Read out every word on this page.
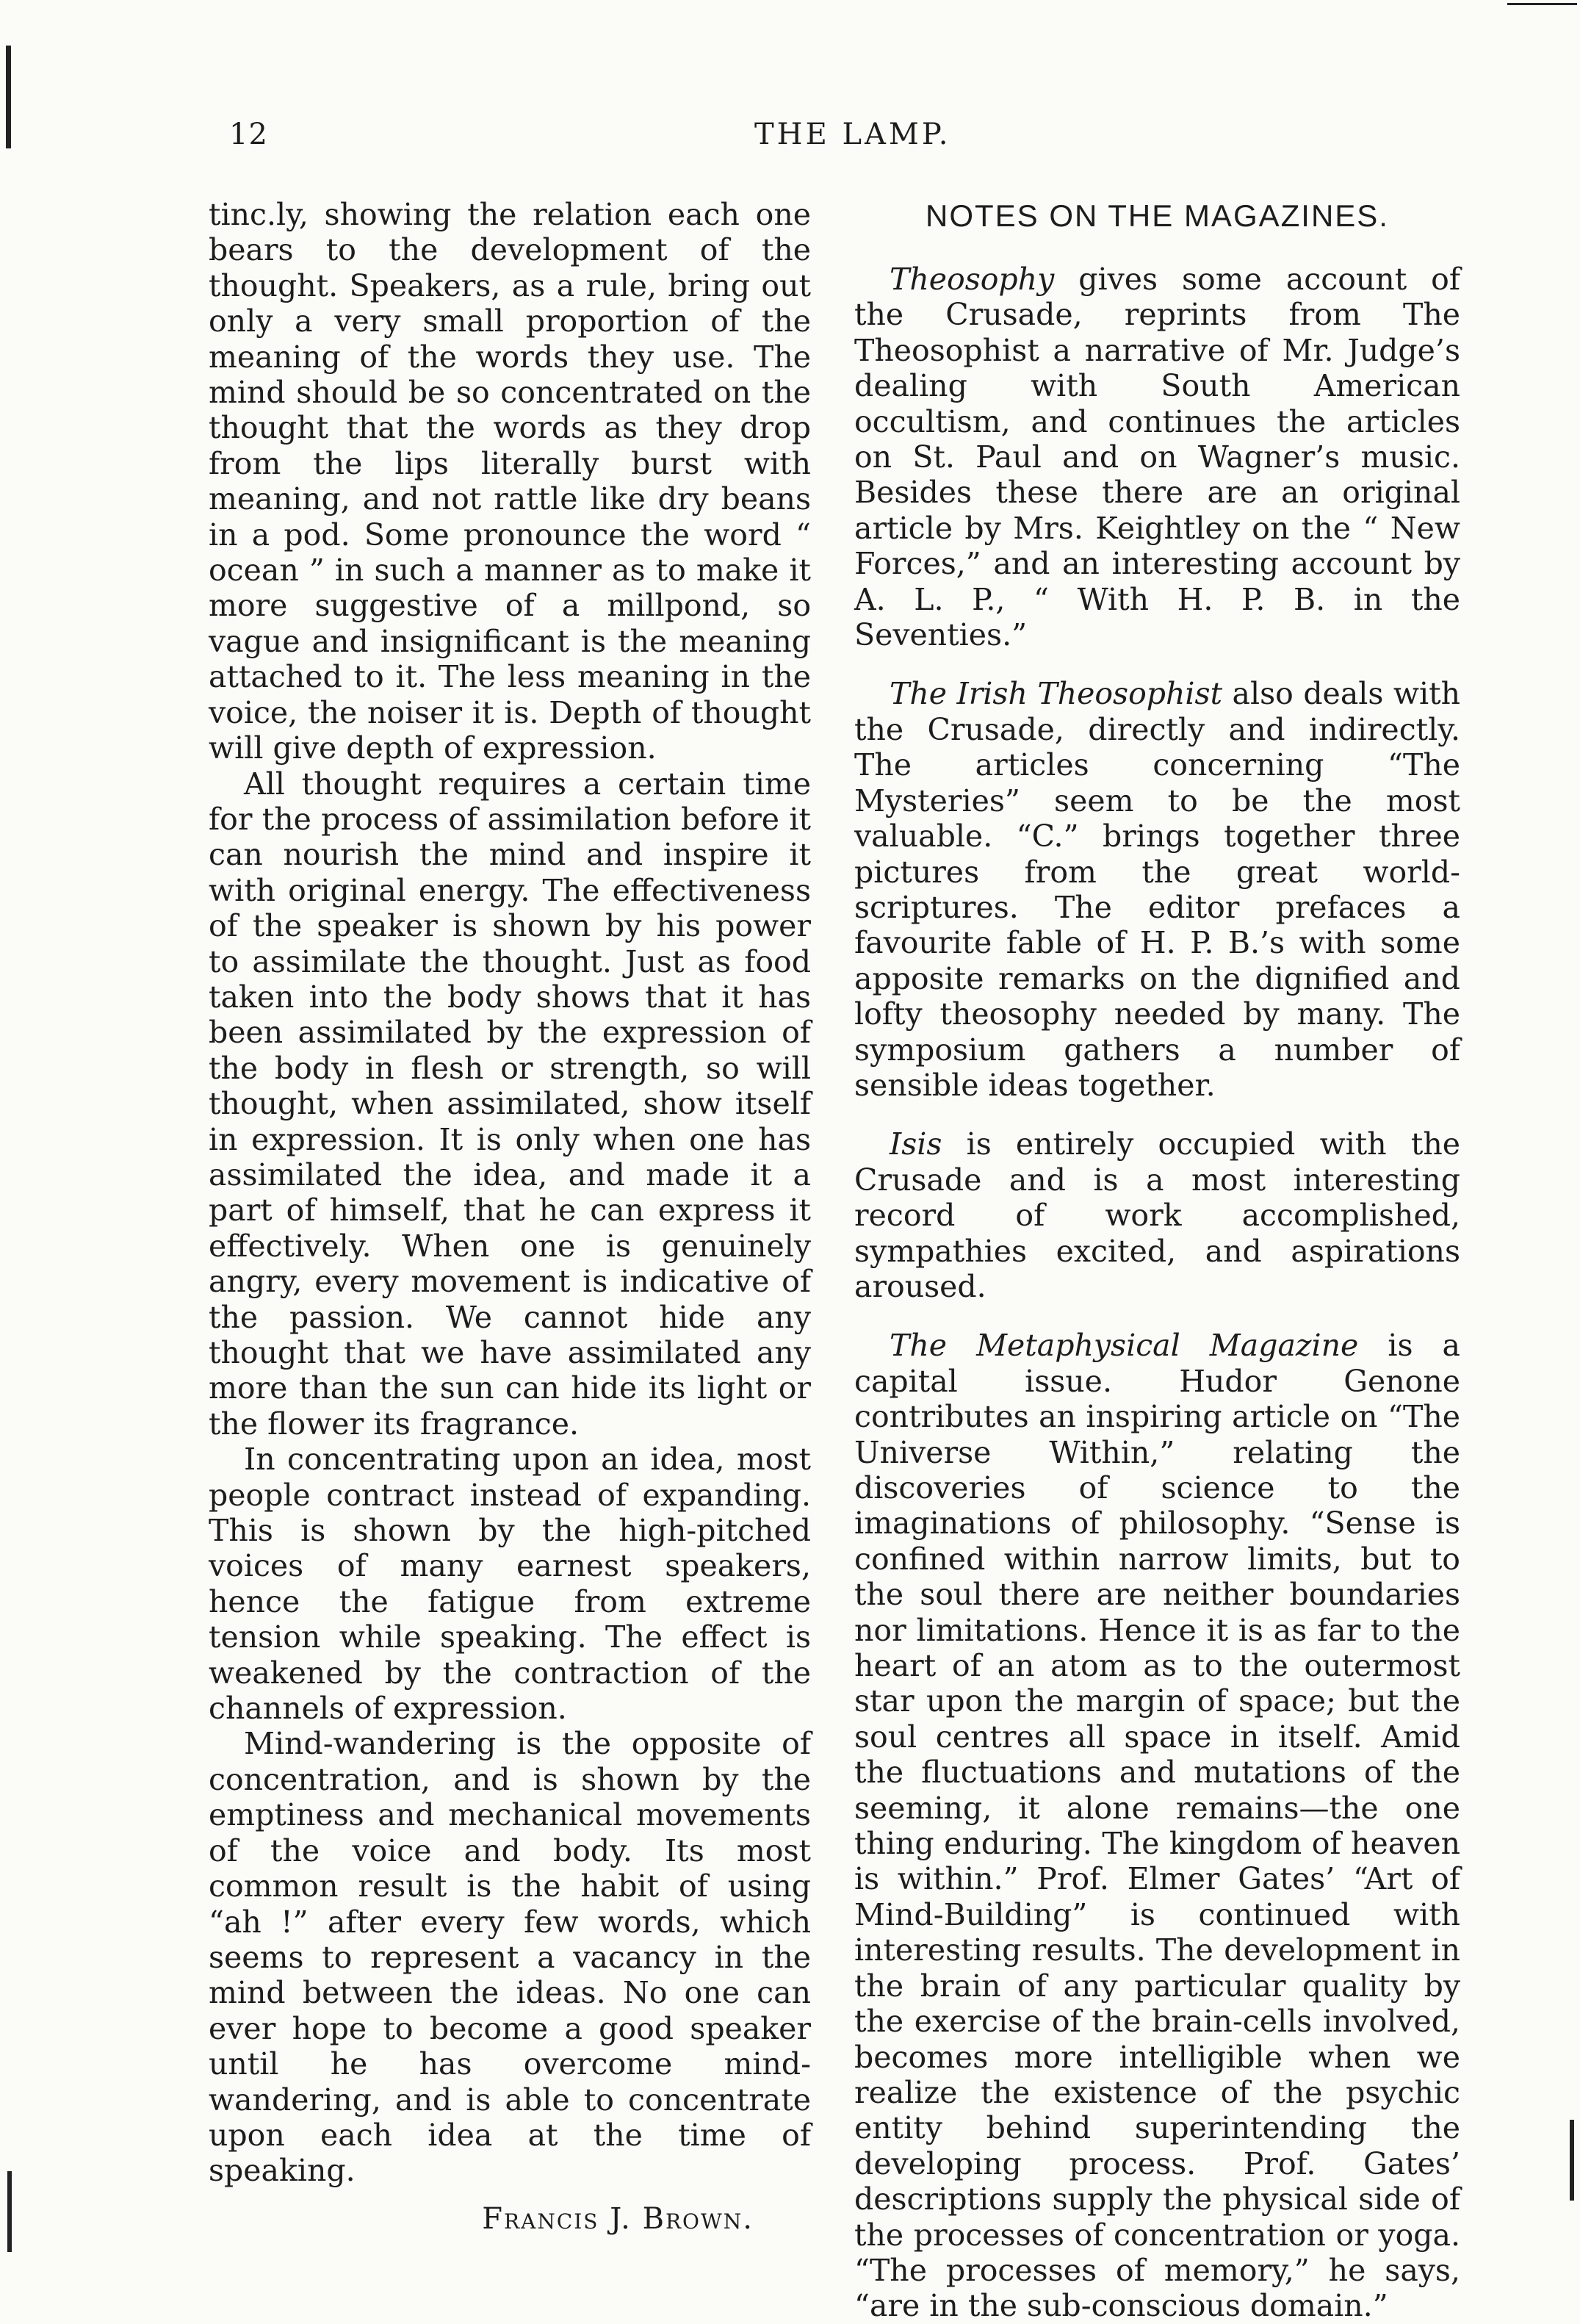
12	THE LAMP.

tinc.ly, showing the relation each one bears to the development of the thought. Speakers, as a rule, bring out only a very small proportion of the meaning of the words they use. The mind should be so concentrated on the thought that the words as they drop from the lips literally burst with meaning, and not rattle like dry beans in a pod. Some pronounce the word “ ocean ” in such a manner as to make it more suggestive of a millpond, so vague and insignificant is the meaning attached to it. The less meaning in the voice, the noiser it is. Depth of thought will give depth of expression.

All thought requires a certain time for the process of assimilation before it can nourish the mind and inspire it with original energy. The effectiveness of the speaker is shown by his power to assimilate the thought. Just as food taken into the body shows that it has been assimilated by the expression of the body in flesh or strength, so will thought, when assimilated, show itself in expression. It is only when one has assimilated the idea, and made it a part of himself, that he can express it effectively. When one is genuinely angry, every movement is indicative of the passion. We cannot hide any thought that we have assimilated any more than the sun can hide its light or the flower its fragrance.

In concentrating upon an idea, most people contract instead of expanding. This is shown by the high-pitched voices of many earnest speakers, hence the fatigue from extreme tension while speaking. The effect is weakened by the contraction of the channels of expression.

Mind-wandering is the opposite of concentration, and is shown by the emptiness and mechanical movements of the voice and body. Its most common result is the habit of using “ah !” after every few words, which seems to represent a vacancy in the mind between the ideas. No one can ever hope to become a good speaker until he has overcome mind-wandering, and is able to concentrate upon each idea at the time of speaking.

Francis J. Brown.
NOTES ON THE MAGAZINES.

Theosophy gives some account of the Crusade, reprints from The Theosophist a narrative of Mr. Judge’s dealing with South American occultism, and continues the articles on St. Paul and on Wagner’s music. Besides these there are an original article by Mrs. Keightley on the “ New Forces,” and an interesting account by A. L. P., “ With H. P. B. in the Seventies.”

The Irish Theosophist also deals with the Crusade, directly and indirectly. The articles concerning “The Mysteries” seem to be the most valuable. “C.” brings together three pictures from the great world-scriptures. The editor prefaces a favourite fable of H. P. B.’s with some apposite remarks on the dignified and lofty theosophy needed by many. The symposium gathers a number of sensible ideas together.

Isis is entirely occupied with the Crusade and is a most interesting record of work accomplished, sympathies excited, and aspirations aroused.

The Metaphysical Magazine is a capital issue. Hudor Genone contributes an inspiring article on “The Universe Within,” relating the discoveries of science to the imaginations of philosophy. “Sense is confined within narrow limits, but to the soul there are neither boundaries nor limitations. Hence it is as far to the heart of an atom as to the outermost star upon the margin of space; but the soul centres all space in itself. Amid the fluctuations and mutations of the seeming, it alone remains—the one thing enduring. The kingdom of heaven is within.” Prof. Elmer Gates’ “Art of Mind-Building” is continued with interesting results. The development in the brain of any particular quality by the exercise of the brain-cells involved, becomes more intelligible when we realize the existence of the psychic entity behind superintending the developing process. Prof. Gates’ descriptions supply the physical side of the processes of concentration or yoga. “The processes of memory,” he says, “are in the sub-conscious domain.”
